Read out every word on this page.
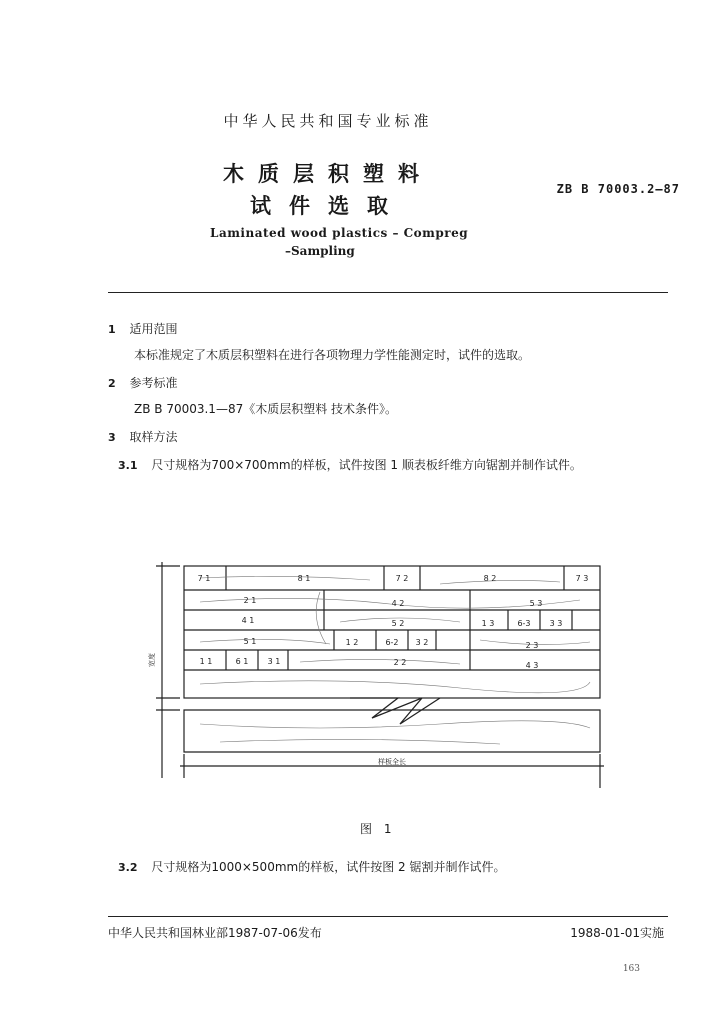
中华人民共和国专业标准
木质层积塑料
试件选取
ZB B 70003.2—87
Laminated wood plastics – Compreg
–Sampling
1 适用范围
本标准规定了木质层积塑料在进行各项物理力学性能测定时，试件的选取。
2 参考标准
ZB B 70003.1—87《木质层积塑料 技术条件》。
3 取样方法
3.1 尺寸规格为700×700mm的样板，试件按图 1 顺表板纤维方向锯割并制作试件。
7 1	8 1	7 2	8 2	7 3
2 1	4 2	5 3
4 1	5 2	1 3	6-3 3 3
5 1	1 2	6-2 3 2	2 3
1 1	6 1 3 1	2 2	4 3
宽度
样板全长
图 1
3.2 尺寸规格为1000×500mm的样板，试件按图 2 锯割并制作试件。
中华人民共和国林业部1987-07-06发布	1988-01-01实施
163
